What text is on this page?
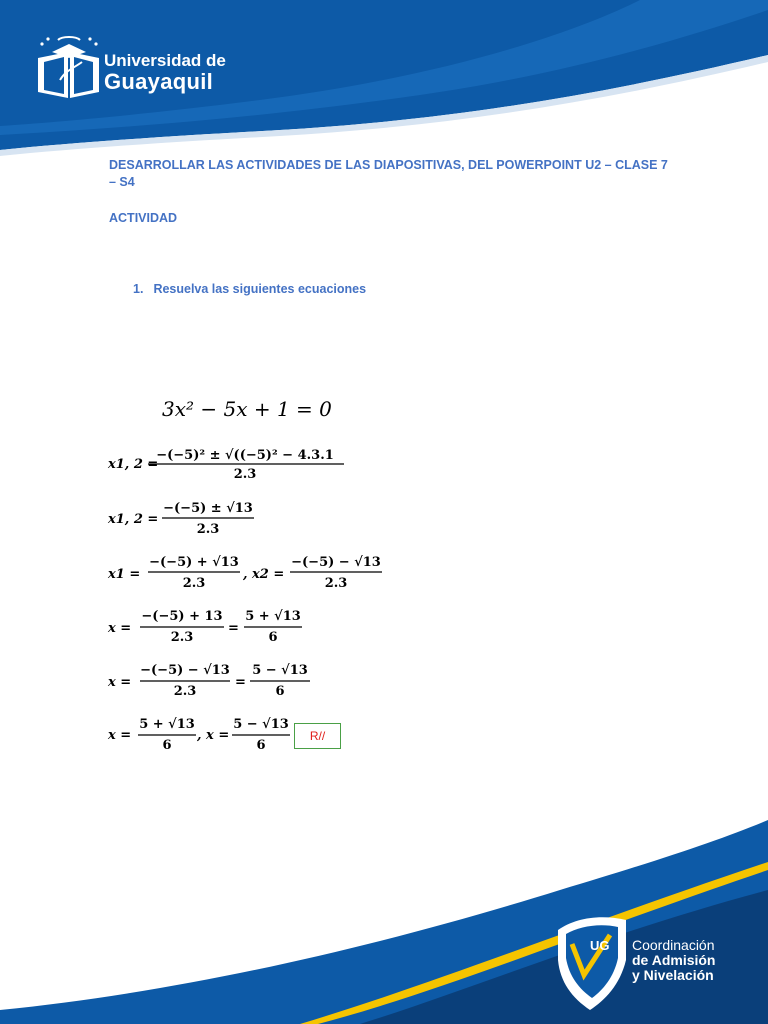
UG
Universidad de
Guayaquil
DESARROLLAR LAS ACTIVIDADES DE LAS DIAPOSITIVAS, DEL POWERPOINT U2 – CLASE 7 – S4
ACTIVIDAD
1. Resuelva las siguientes ecuaciones
3x² − 5x + 1 = 0
x1, 2 =
−(−5)² ± √((−5)² − 4.3.1
2.3
x1, 2 =
−(−5) ± √13
2.3
x1 =
−(−5) + √13
2.3
, x2 =
−(−5) − √13
2.3
x =
−(−5) + 13
2.3
=
5 + √13
6
x =
−(−5) − √13
2.3
=
5 − √13
6
x =
5 + √13
6
, x =
5 − √13
6
R//
Coordinación
de Admisión
y Nivelación
